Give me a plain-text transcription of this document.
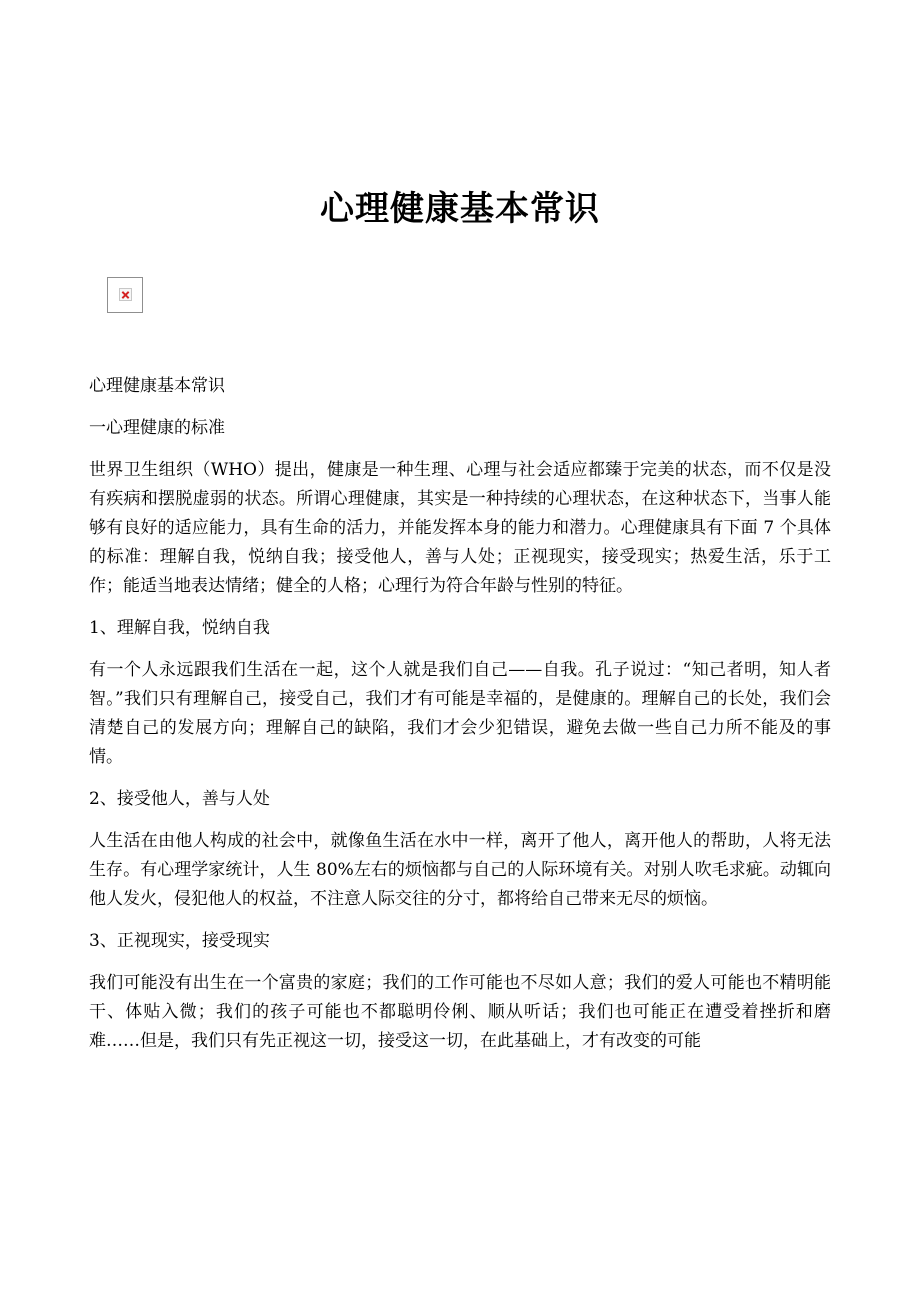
心理健康基本常识

心理健康基本常识

一心理健康的标准

世界卫生组织（WHO）提出，健康是一种生理、心理与社会适应都臻于完美的状态，而不仅是没有疾病和摆脱虚弱的状态。所谓心理健康，其实是一种持续的心理状态，在这种状态下，当事人能够有良好的适应能力，具有生命的活力，并能发挥本身的能力和潜力。心理健康具有下面 7 个具体的标准：理解自我，悦纳自我；接受他人，善与人处；正视现实，接受现实；热爱生活，乐于工作；能适当地表达情绪；健全的人格；心理行为符合年龄与性别的特征。

1、理解自我，悦纳自我

有一个人永远跟我们生活在一起，这个人就是我们自己——自我。孔子说过：“知己者明，知人者智。”我们只有理解自己，接受自己，我们才有可能是幸福的，是健康的。理解自己的长处，我们会清楚自己的发展方向；理解自己的缺陷，我们才会少犯错误，避免去做一些自己力所不能及的事情。

2、接受他人，善与人处

人生活在由他人构成的社会中，就像鱼生活在水中一样，离开了他人，离开他人的帮助，人将无法生存。有心理学家统计，人生 80%左右的烦恼都与自己的人际环境有关。对别人吹毛求疵。动辄向他人发火，侵犯他人的权益，不注意人际交往的分寸，都将给自己带来无尽的烦恼。

3、正视现实，接受现实

我们可能没有出生在一个富贵的家庭；我们的工作可能也不尽如人意；我们的爱人可能也不精明能干、体贴入微；我们的孩子可能也不都聪明伶俐、顺从听话；我们也可能正在遭受着挫折和磨难……但是，我们只有先正视这一切，接受这一切，在此基础上，才有改变的可能
